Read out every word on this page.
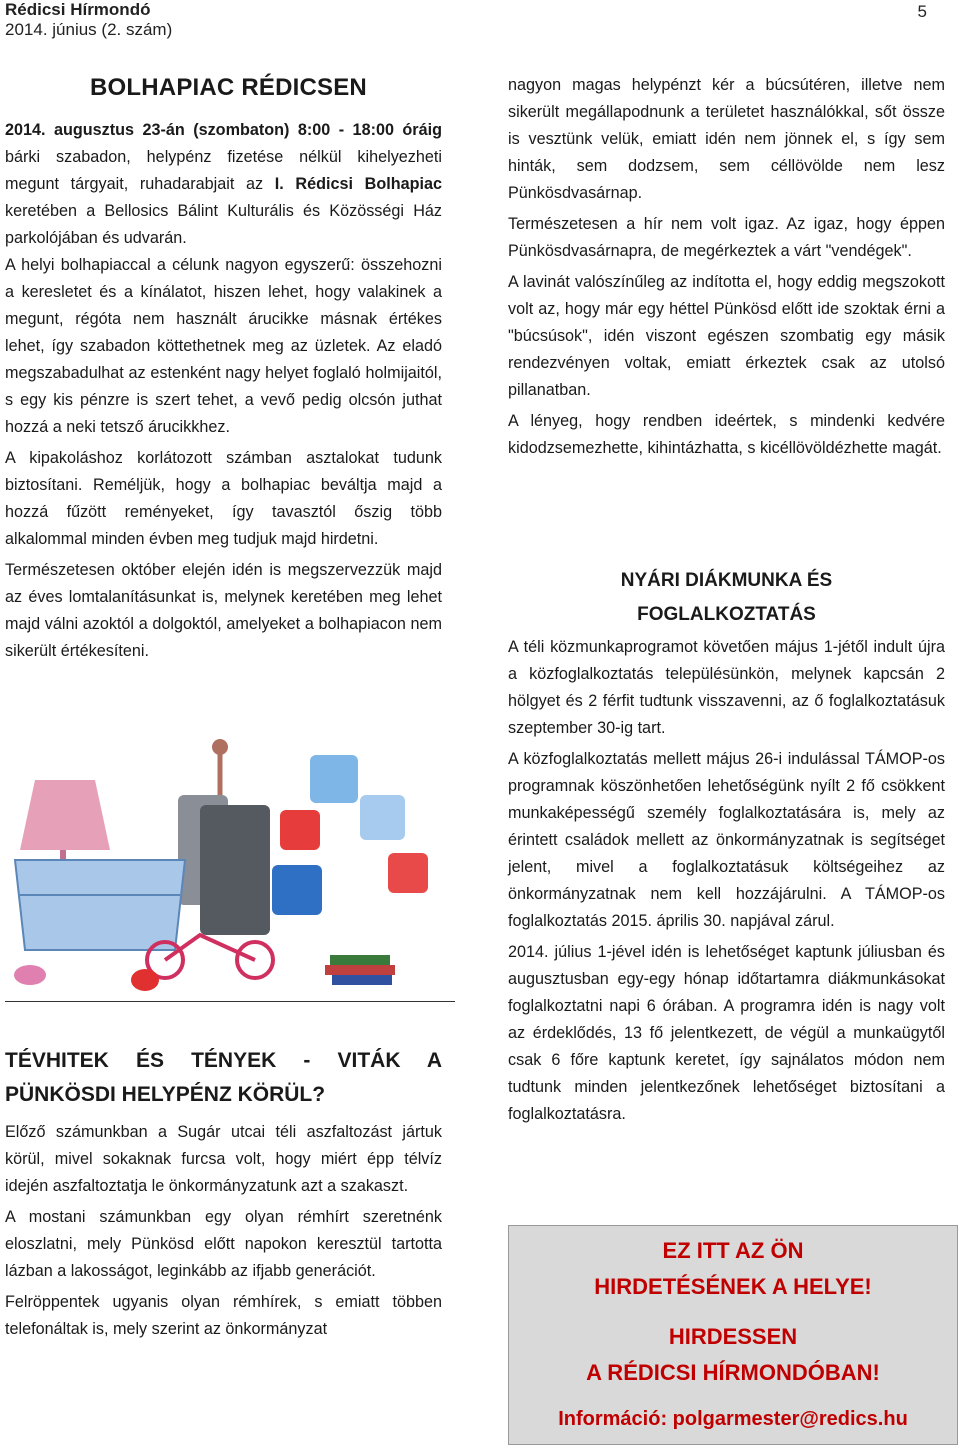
Rédicsi Hírmondó
2014. június (2. szám)
5
BOLHAPIAC RÉDICSEN

2014. augusztus 23-án (szombaton) 8:00 - 18:00 óráig bárki szabadon, helypénz fizetése nélkül kihelyezheti megunt tárgyait, ruhadarabjait az I. Rédicsi Bolhapiac keretében a Bellosics Bálint Kulturális és Közösségi Ház parkolójában és udvarán.

A helyi bolhapiaccal a célunk nagyon egyszerű: összehozni a keresletet és a kínálatot, hiszen lehet, hogy valakinek a megunt, régóta nem használt árucikke másnak értékes lehet, így szabadon köttethetnek meg az üzletek. Az eladó megszabadulhat az estenként nagy helyet foglaló holmijaitól, s egy kis pénzre is szert tehet, a vevő pedig olcsón juthat hozzá a neki tetsző árucikkhez.

A kipakoláshoz korlátozott számban asztalokat tudunk biztosítani. Reméljük, hogy a bolhapiac beváltja majd a hozzá fűzött reményeket, így tavasztól őszig több alkalommal minden évben meg tudjuk majd hirdetni.

Természetesen október elején idén is megszervezzük majd az éves lomtalanításunkat is, melynek keretében meg lehet majd válni azoktól a dolgoktól, amelyeket a bolhapiacon nem sikerült értékesíteni.

TÉVHITEK ÉS TÉNYEK - VITÁK A PÜNKÖSDI HELYPÉNZ KÖRÜL?

Előző számunkban a Sugár utcai téli aszfaltozást jártuk körül, mivel sokaknak furcsa volt, hogy miért épp télvíz idején aszfaltoztatja le önkormányzatunk azt a szakaszt.

A mostani számunkban egy olyan rémhírt szeretnénk eloszlatni, mely Pünkösd előtt napokon keresztül tartotta lázban a lakosságot, leginkább az ifjabb generációt.

Felröppentek ugyanis olyan rémhírek, s emiatt többen telefonáltak is, mely szerint az önkormányzat

nagyon magas helypénzt kér a búcsútéren, illetve nem sikerült megállapodnunk a területet használókkal, sőt össze is vesztünk velük, emiatt idén nem jönnek el, s így sem hinták, sem dodzsem, sem céllövölde nem lesz Pünkösdvasárnap.

Természetesen a hír nem volt igaz. Az igaz, hogy éppen Pünkösdvasárnapra, de megérkeztek a várt "vendégek".

A lavinát valószínűleg az indította el, hogy eddig megszokott volt az, hogy már egy héttel Pünkösd előtt ide szoktak érni a "búcsúsok", idén viszont egészen szombatig egy másik rendezvényen voltak, emiatt érkeztek csak az utolsó pillanatban.

A lényeg, hogy rendben ideértek, s mindenki kedvére kidodzsemezhette, kihintázhatta, s kicéllövöldézhette magát.

NYÁRI DIÁKMUNKA ÉS
FOGLALKOZTATÁS

A téli közmunkaprogramot követően május 1-jétől indult újra a közfoglalkoztatás településünkön, melynek kapcsán 2 hölgyet és 2 férfit tudtunk visszavenni, az ő foglalkoztatásuk szeptember 30-ig tart.

A közfoglalkoztatás mellett május 26-i indulással TÁMOP-os programnak köszönhetően lehetőségünk nyílt 2 fő csökkent munkaképességű személy foglalkoztatására is, mely az érintett családok mellett az önkormányzatnak is segítséget jelent, mivel a foglalkoztatásuk költségeihez az önkormányzatnak nem kell hozzájárulni. A TÁMOP-os foglalkoztatás 2015. április 30. napjával zárul.

2014. július 1-jével idén is lehetőséget kaptunk júliusban és augusztusban egy-egy hónap időtartamra diákmunkásokat foglalkoztatni napi 6 órában. A programra idén is nagy volt az érdeklődés, 13 fő jelentkezett, de végül a munkaügytől csak 6 főre kaptunk keretet, így sajnálatos módon nem tudtunk minden jelentkezőnek lehetőséget biztosítani a foglalkoztatásra.

EZ ITT AZ ÖN
HIRDETÉSÉNEK A HELYE!
HIRDESSEN
A RÉDICSI HÍRMONDÓBAN!
Információ: polgarmester@redics.hu
